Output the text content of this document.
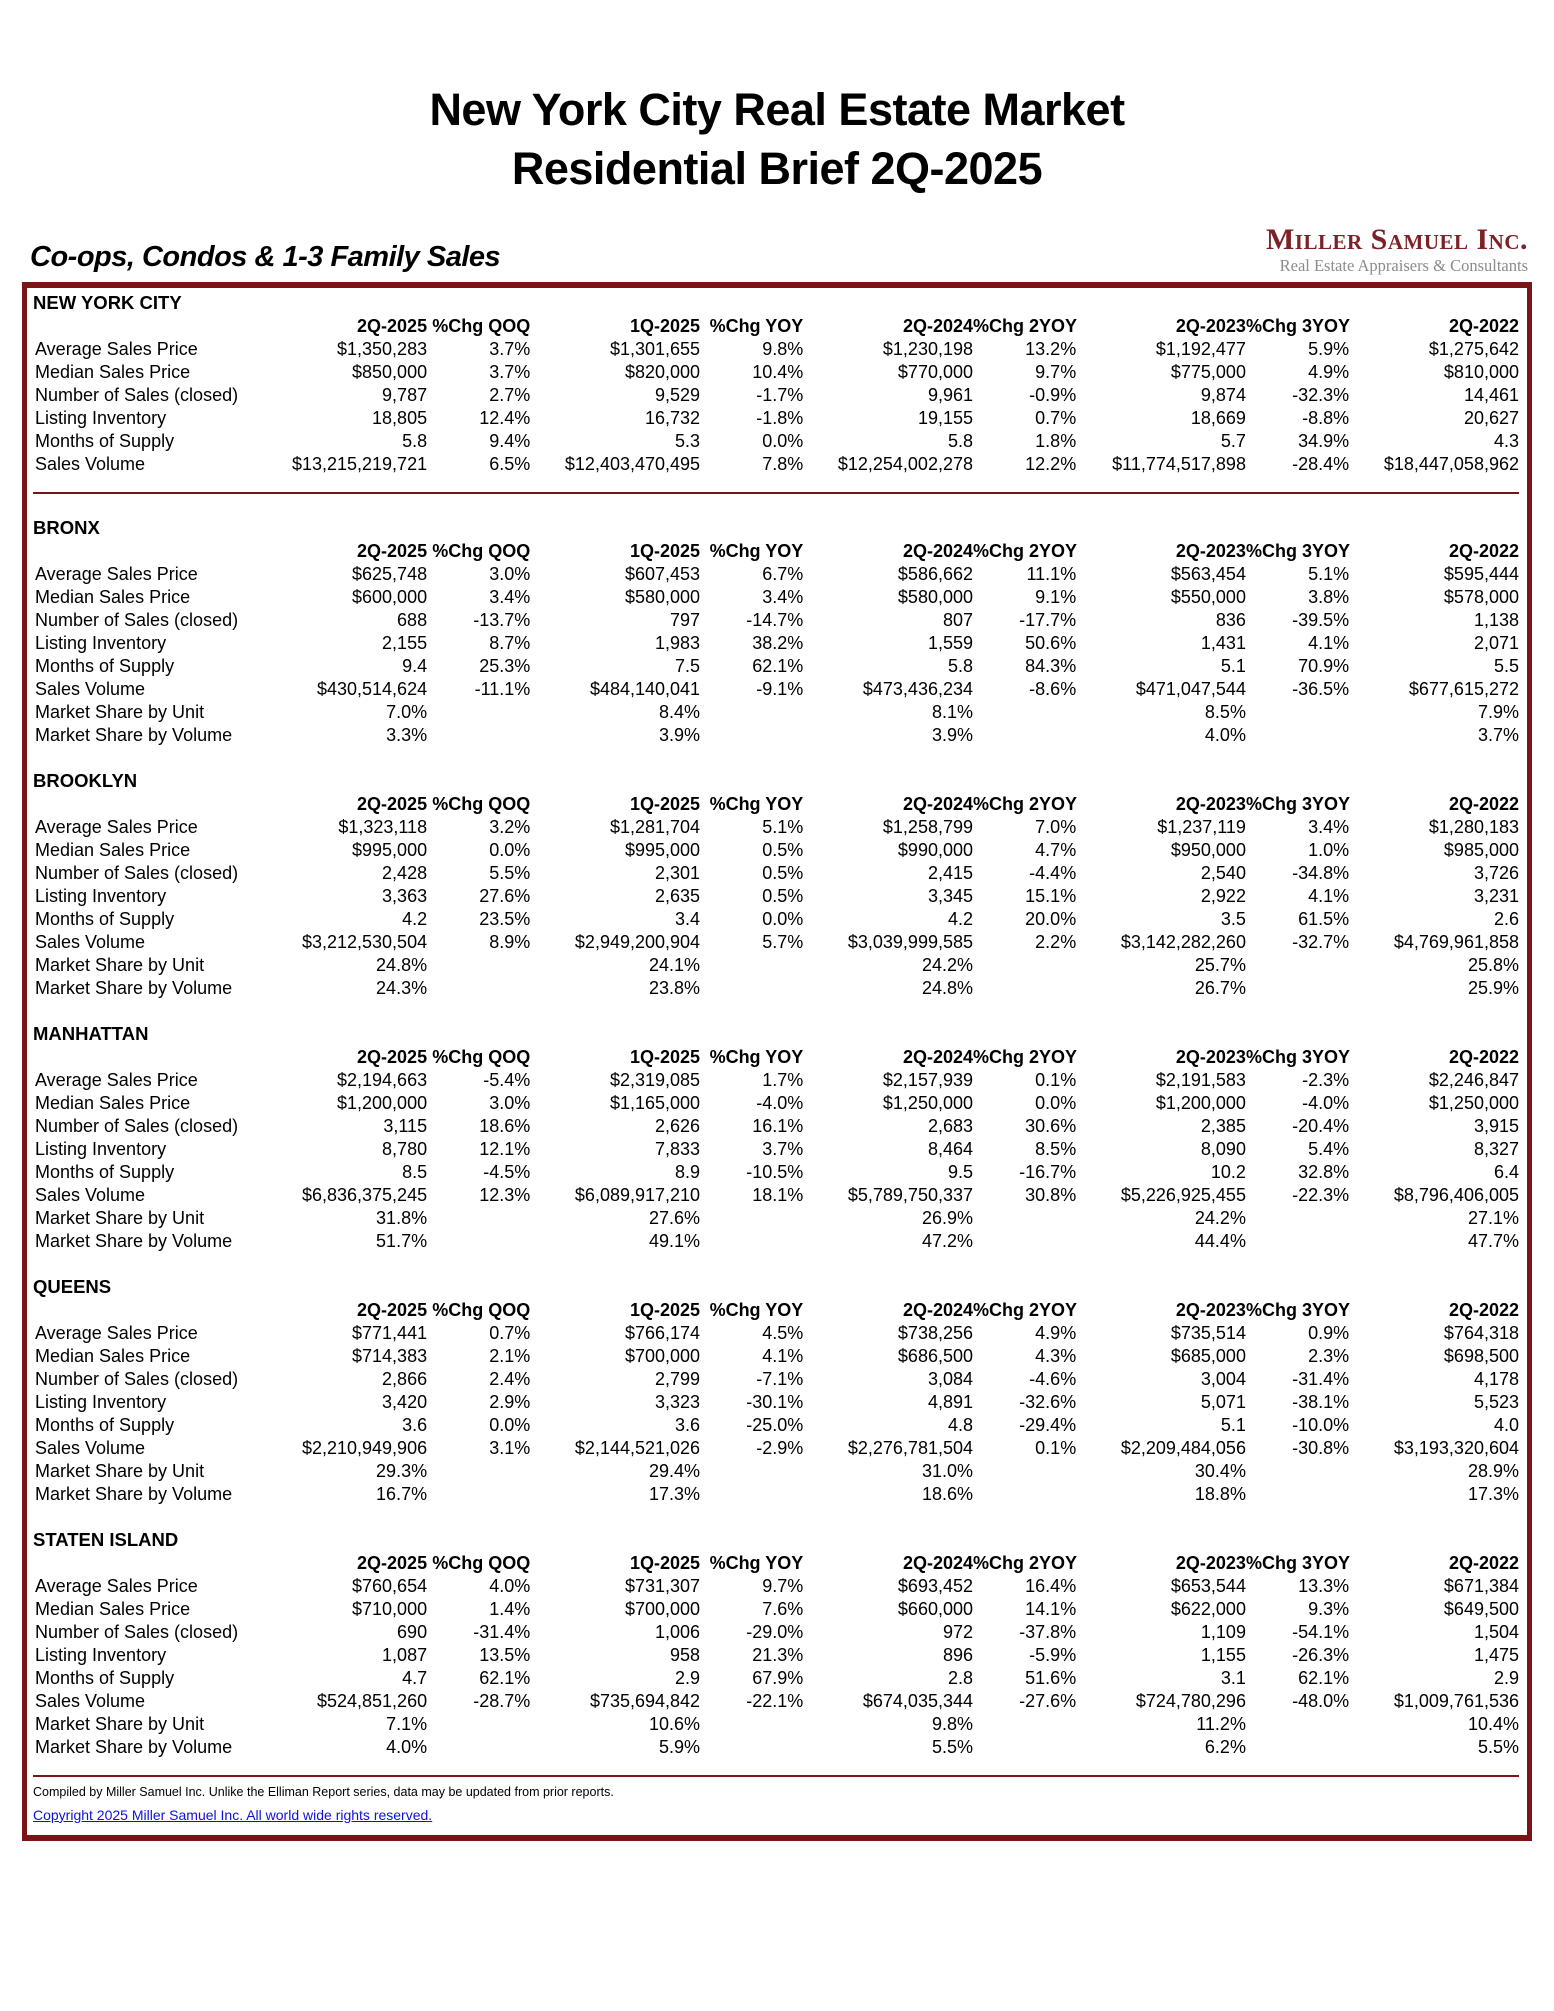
New York City Real Estate Market
Residential Brief 2Q-2025
Co-ops, Condos & 1-3 Family Sales
Miller Samuel Inc.
Real Estate Appraisers & Consultants
NEW YORK CITY
	2Q-2025	%Chg QOQ	1Q-2025	%Chg YOY	2Q-2024	%Chg 2YOY	2Q-2023	%Chg 3YOY	2Q-2022
Average Sales Price	$1,350,283	3.7%	$1,301,655	9.8%	$1,230,198	13.2%	$1,192,477	5.9%	$1,275,642
Median Sales Price	$850,000	3.7%	$820,000	10.4%	$770,000	9.7%	$775,000	4.9%	$810,000
Number of Sales (closed)	9,787	2.7%	9,529	-1.7%	9,961	-0.9%	9,874	-32.3%	14,461
Listing Inventory	18,805	12.4%	16,732	-1.8%	19,155	0.7%	18,669	-8.8%	20,627
Months of Supply	5.8	9.4%	5.3	0.0%	5.8	1.8%	5.7	34.9%	4.3
Sales Volume	$13,215,219,721	6.5%	$12,403,470,495	7.8%	$12,254,002,278	12.2%	$11,774,517,898	-28.4%	$18,447,058,962
BRONX
	2Q-2025	%Chg QOQ	1Q-2025	%Chg YOY	2Q-2024	%Chg 2YOY	2Q-2023	%Chg 3YOY	2Q-2022
Average Sales Price	$625,748	3.0%	$607,453	6.7%	$586,662	11.1%	$563,454	5.1%	$595,444
Median Sales Price	$600,000	3.4%	$580,000	3.4%	$580,000	9.1%	$550,000	3.8%	$578,000
Number of Sales (closed)	688	-13.7%	797	-14.7%	807	-17.7%	836	-39.5%	1,138
Listing Inventory	2,155	8.7%	1,983	38.2%	1,559	50.6%	1,431	4.1%	2,071
Months of Supply	9.4	25.3%	7.5	62.1%	5.8	84.3%	5.1	70.9%	5.5
Sales Volume	$430,514,624	-11.1%	$484,140,041	-9.1%	$473,436,234	-8.6%	$471,047,544	-36.5%	$677,615,272
Market Share by Unit	7.0%		8.4%		8.1%		8.5%		7.9%
Market Share by Volume	3.3%		3.9%		3.9%		4.0%		3.7%
BROOKLYN
	2Q-2025	%Chg QOQ	1Q-2025	%Chg YOY	2Q-2024	%Chg 2YOY	2Q-2023	%Chg 3YOY	2Q-2022
Average Sales Price	$1,323,118	3.2%	$1,281,704	5.1%	$1,258,799	7.0%	$1,237,119	3.4%	$1,280,183
Median Sales Price	$995,000	0.0%	$995,000	0.5%	$990,000	4.7%	$950,000	1.0%	$985,000
Number of Sales (closed)	2,428	5.5%	2,301	0.5%	2,415	-4.4%	2,540	-34.8%	3,726
Listing Inventory	3,363	27.6%	2,635	0.5%	3,345	15.1%	2,922	4.1%	3,231
Months of Supply	4.2	23.5%	3.4	0.0%	4.2	20.0%	3.5	61.5%	2.6
Sales Volume	$3,212,530,504	8.9%	$2,949,200,904	5.7%	$3,039,999,585	2.2%	$3,142,282,260	-32.7%	$4,769,961,858
Market Share by Unit	24.8%		24.1%		24.2%		25.7%		25.8%
Market Share by Volume	24.3%		23.8%		24.8%		26.7%		25.9%
MANHATTAN
	2Q-2025	%Chg QOQ	1Q-2025	%Chg YOY	2Q-2024	%Chg 2YOY	2Q-2023	%Chg 3YOY	2Q-2022
Average Sales Price	$2,194,663	-5.4%	$2,319,085	1.7%	$2,157,939	0.1%	$2,191,583	-2.3%	$2,246,847
Median Sales Price	$1,200,000	3.0%	$1,165,000	-4.0%	$1,250,000	0.0%	$1,200,000	-4.0%	$1,250,000
Number of Sales (closed)	3,115	18.6%	2,626	16.1%	2,683	30.6%	2,385	-20.4%	3,915
Listing Inventory	8,780	12.1%	7,833	3.7%	8,464	8.5%	8,090	5.4%	8,327
Months of Supply	8.5	-4.5%	8.9	-10.5%	9.5	-16.7%	10.2	32.8%	6.4
Sales Volume	$6,836,375,245	12.3%	$6,089,917,210	18.1%	$5,789,750,337	30.8%	$5,226,925,455	-22.3%	$8,796,406,005
Market Share by Unit	31.8%		27.6%		26.9%		24.2%		27.1%
Market Share by Volume	51.7%		49.1%		47.2%		44.4%		47.7%
QUEENS
	2Q-2025	%Chg QOQ	1Q-2025	%Chg YOY	2Q-2024	%Chg 2YOY	2Q-2023	%Chg 3YOY	2Q-2022
Average Sales Price	$771,441	0.7%	$766,174	4.5%	$738,256	4.9%	$735,514	0.9%	$764,318
Median Sales Price	$714,383	2.1%	$700,000	4.1%	$686,500	4.3%	$685,000	2.3%	$698,500
Number of Sales (closed)	2,866	2.4%	2,799	-7.1%	3,084	-4.6%	3,004	-31.4%	4,178
Listing Inventory	3,420	2.9%	3,323	-30.1%	4,891	-32.6%	5,071	-38.1%	5,523
Months of Supply	3.6	0.0%	3.6	-25.0%	4.8	-29.4%	5.1	-10.0%	4.0
Sales Volume	$2,210,949,906	3.1%	$2,144,521,026	-2.9%	$2,276,781,504	0.1%	$2,209,484,056	-30.8%	$3,193,320,604
Market Share by Unit	29.3%		29.4%		31.0%		30.4%		28.9%
Market Share by Volume	16.7%		17.3%		18.6%		18.8%		17.3%
STATEN ISLAND
	2Q-2025	%Chg QOQ	1Q-2025	%Chg YOY	2Q-2024	%Chg 2YOY	2Q-2023	%Chg 3YOY	2Q-2022
Average Sales Price	$760,654	4.0%	$731,307	9.7%	$693,452	16.4%	$653,544	13.3%	$671,384
Median Sales Price	$710,000	1.4%	$700,000	7.6%	$660,000	14.1%	$622,000	9.3%	$649,500
Number of Sales (closed)	690	-31.4%	1,006	-29.0%	972	-37.8%	1,109	-54.1%	1,504
Listing Inventory	1,087	13.5%	958	21.3%	896	-5.9%	1,155	-26.3%	1,475
Months of Supply	4.7	62.1%	2.9	67.9%	2.8	51.6%	3.1	62.1%	2.9
Sales Volume	$524,851,260	-28.7%	$735,694,842	-22.1%	$674,035,344	-27.6%	$724,780,296	-48.0%	$1,009,761,536
Market Share by Unit	7.1%		10.6%		9.8%		11.2%		10.4%
Market Share by Volume	4.0%		5.9%		5.5%		6.2%		5.5%
Compiled by Miller Samuel Inc. Unlike the Elliman Report series, data may be updated from prior reports.
Copyright 2025 Miller Samuel Inc. All world wide rights reserved.
